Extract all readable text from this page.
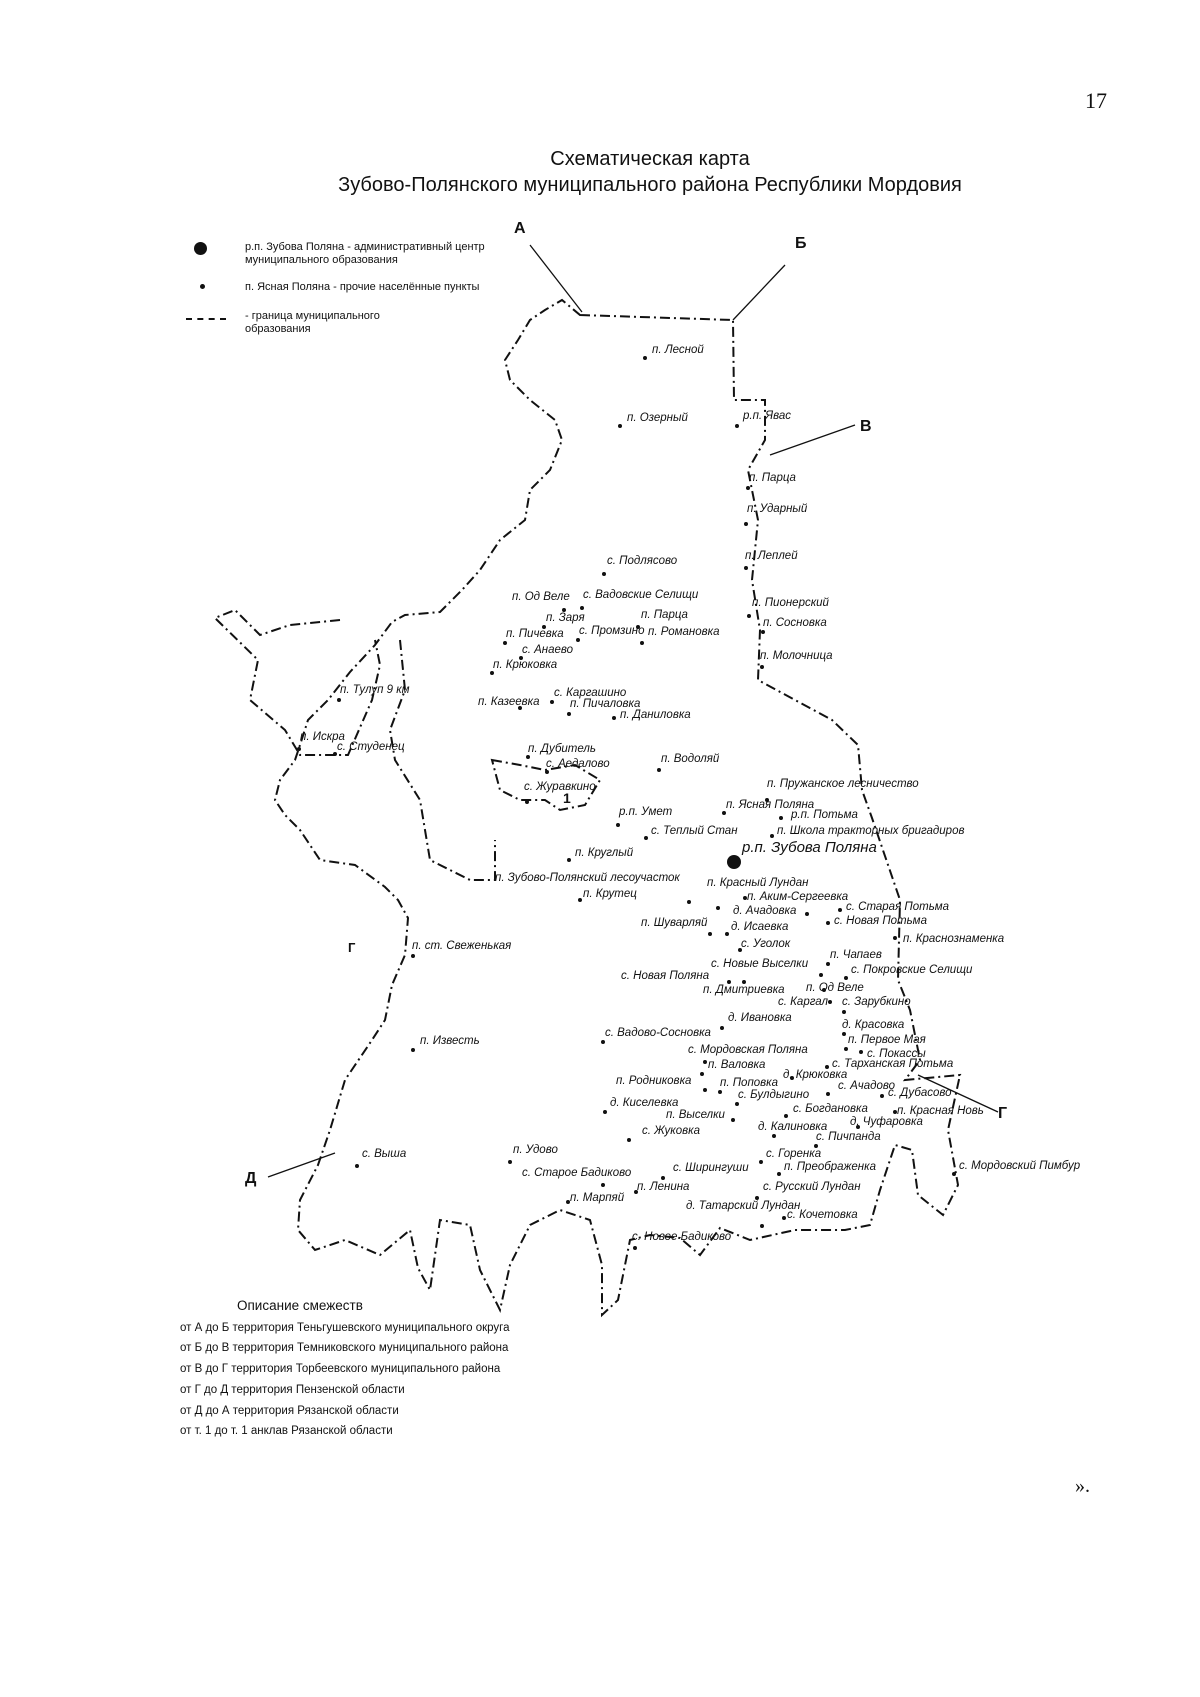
17
Схематическая карта
Зубово-Полянского муниципального района Республики Мордовия
р.п. Зубова Поляна - административный центр муниципального образования
п. Ясная Поляна - прочие населённые пункты
- граница муниципального образования
А
Б
В
Г
Г
Д
1
р.п. Зубова Поляна
п. Лесной
п. Озерный	р.п. Явас
п. Парца
п. Ударный
п. Леплей
с. Подлясово
п. Од Веле с. Вадовские Селищи
п. Заря	п. Парца
п. Пичевка с. Промзино п. Романовка
с. Анаево
п. Крюковка
п. Пионерский
п. Сосновка
п. Молочница
п. Тулуп 9 км	с. Каргашино
п. Казеевка	п. Пичаловка
п. Даниловка
п. Искра
с. Студенец	п. Дубитель
с. Аедалово	п. Водоляй
с. Журавкино	п. Пружанское лесничество
р.п. Умет
п. Ясная Поляна
р.п. Потьма
с. Теплый Стан	п. Школа трактоpных бригадиров
п. Круглый
п. Зубово-Полянский лесоучасток п. Красный Лундан
п. Крутец	п. Аким-Сергеевка
с. Старая Потьма
д. Ачадовка
с. Новая Потьма
п. Шуварляй д. Исаевка
п. Краснознаменка
с. Уголок
п. ст. Свеженькая
п. Чапаев
с. Новые Выселки	с. Покровские Селищи
с. Новая Поляна
п. Дмитриевка п. Од Веле
с. Каргал с. Зарубкино
д. Ивановка
д. Красовка
с. Вадово-Сосновка
п. Первое Мая
с. Покассы
п. Известь
с. Мордовская Поляна
с. Тарханская Потьма
п. Валовка
д. Крюковка
п. Родниковка п. Поповка	с. Ачадово
с. Дубасово
д. Киселевка
с. Булдыгино
с. Богдановка	п. Красная Новь
п. Выселки
д. Чуфаровка
д. Калиновка
с. Жуковка	с. Пичпанда
с. Выша	п. Удово	с. Горенка
с. Ширингуши	п. Преображенка	с. Мордовский Пимбур
с. Старое Бадиково
п. Ленина	с. Русский Лундан
п. Марпяй
д. Татарский Лундан
с. Кочетовка
с. Новое Бадиково
Описание смежеств
от А до Б территория Теньгушевского муниципального округа
от Б до В территория Темниковского муниципального района
от В до Г территория Торбеевского муниципального района
от Г до Д территория Пензенской области
от Д до А территория Рязанской области
от т. 1 до т. 1 анклав Рязанской области
».
